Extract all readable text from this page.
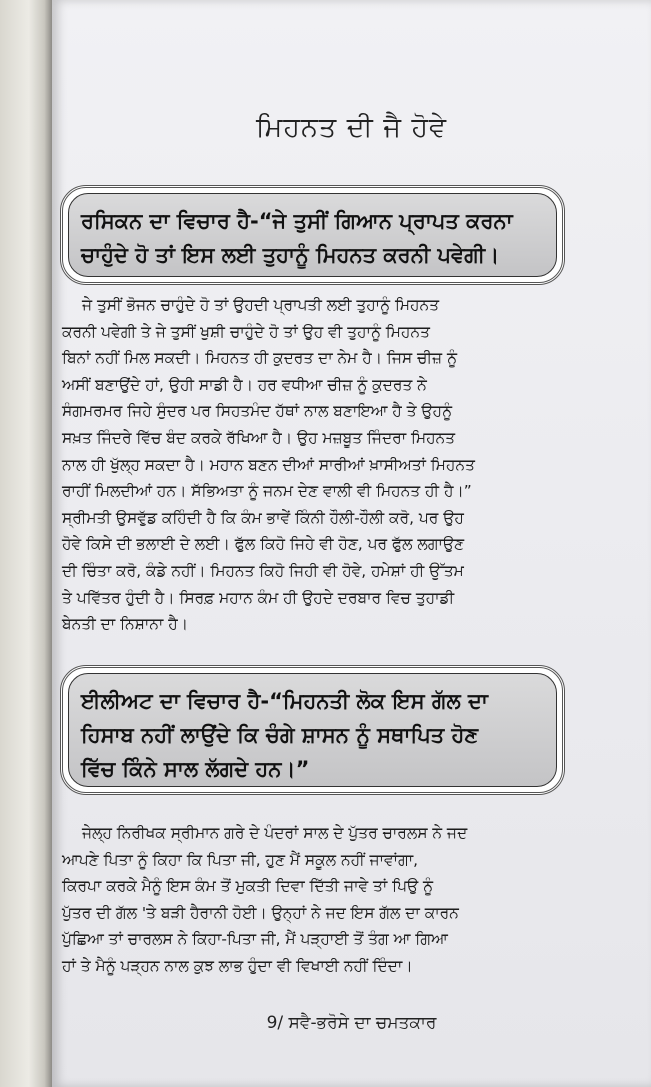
ਮਿਹਨਤ ਦੀ ਜੈ ਹੋਵੇ
ਰਸਿਕਨ ਦਾ ਵਿਚਾਰ ਹੈ-“ਜੇ ਤੁਸੀਂ ਗਿਆਨ ਪ੍ਰਾਪਤ ਕਰਨਾ
ਚਾਹੁੰਦੇ ਹੋ ਤਾਂ ਇਸ ਲਈ ਤੁਹਾਨੂੰ ਮਿਹਨਤ ਕਰਨੀ ਪਵੇਗੀ।
ਜੇ ਤੁਸੀਂ ਭੋਜਨ ਚਾਹੁੰਦੇ ਹੋ ਤਾਂ ਉਹਦੀ ਪ੍ਰਾਪਤੀ ਲਈ ਤੁਹਾਨੂੰ ਮਿਹਨਤ
ਕਰਨੀ ਪਵੇਗੀ ਤੇ ਜੇ ਤੁਸੀਂ ਖੁਸ਼ੀ ਚਾਹੁੰਦੇ ਹੋ ਤਾਂ ਉਹ ਵੀ ਤੁਹਾਨੂੰ ਮਿਹਨਤ
ਬਿਨਾਂ ਨਹੀਂ ਮਿਲ ਸਕਦੀ। ਮਿਹਨਤ ਹੀ ਕੁਦਰਤ ਦਾ ਨੇਮ ਹੈ। ਜਿਸ ਚੀਜ਼ ਨੂੰ
ਅਸੀਂ ਬਣਾਉਂਦੇ ਹਾਂ, ਉਹੀ ਸਾਡੀ ਹੈ। ਹਰ ਵਧੀਆ ਚੀਜ਼ ਨੂੰ ਕੁਦਰਤ ਨੇ
ਸੰਗਮਰਮਰ ਜਿਹੇ ਸੁੰਦਰ ਪਰ ਸਿਹਤਮੰਦ ਹੱਥਾਂ ਨਾਲ ਬਣਾਇਆ ਹੈ ਤੇ ਉਹਨੂੰ
ਸਖ਼ਤ ਜਿੰਦਰੇ ਵਿੱਚ ਬੰਦ ਕਰਕੇ ਰੱਖਿਆ ਹੈ। ਉਹ ਮਜ਼ਬੂਤ ਜਿੰਦਰਾ ਮਿਹਨਤ
ਨਾਲ ਹੀ ਖੁੱਲ੍ਹ ਸਕਦਾ ਹੈ। ਮਹਾਨ ਬਣਨ ਦੀਆਂ ਸਾਰੀਆਂ ਖ਼ਾਸੀਅਤਾਂ ਮਿਹਨਤ
ਰਾਹੀਂ ਮਿਲਦੀਆਂ ਹਨ। ਸੱਭਿਅਤਾ ਨੂੰ ਜਨਮ ਦੇਣ ਵਾਲੀ ਵੀ ਮਿਹਨਤ ਹੀ ਹੈ।”
ਸ੍ਰੀਮਤੀ ਉਸਵੁੱਡ ਕਹਿੰਦੀ ਹੈ ਕਿ ਕੰਮ ਭਾਵੇਂ ਕਿੰਨੀ ਹੌਲੀ-ਹੌਲੀ ਕਰੋ, ਪਰ ਉਹ
ਹੋਵੇ ਕਿਸੇ ਦੀ ਭਲਾਈ ਦੇ ਲਈ। ਫੁੱਲ ਕਿਹੋ ਜਿਹੇ ਵੀ ਹੋਣ, ਪਰ ਫੁੱਲ ਲਗਾਉਣ
ਦੀ ਚਿੰਤਾ ਕਰੋ, ਕੰਡੇ ਨਹੀਂ। ਮਿਹਨਤ ਕਿਹੋ ਜਿਹੀ ਵੀ ਹੋਵੇ, ਹਮੇਸ਼ਾਂ ਹੀ ਉੱਤਮ
ਤੇ ਪਵਿੱਤਰ ਹੁੰਦੀ ਹੈ। ਸਿਰਫ਼ ਮਹਾਨ ਕੰਮ ਹੀ ਉਹਦੇ ਦਰਬਾਰ ਵਿਚ ਤੁਹਾਡੀ
ਬੇਨਤੀ ਦਾ ਨਿਸ਼ਾਨਾ ਹੈ।
ਈਲੀਅਟ ਦਾ ਵਿਚਾਰ ਹੈ-“ਮਿਹਨਤੀ ਲੋਕ ਇਸ ਗੱਲ ਦਾ
ਹਿਸਾਬ ਨਹੀਂ ਲਾਉਂਦੇ ਕਿ ਚੰਗੇ ਸ਼ਾਸਨ ਨੂੰ ਸਥਾਪਿਤ ਹੋਣ
ਵਿੱਚ ਕਿੰਨੇ ਸਾਲ ਲੱਗਦੇ ਹਨ।”
ਜੇਲ੍ਹ ਨਿਰੀਖਕ ਸ੍ਰੀਮਾਨ ਗਰੇ ਦੇ ਪੰਦਰਾਂ ਸਾਲ ਦੇ ਪੁੱਤਰ ਚਾਰਲਸ ਨੇ ਜਦ
ਆਪਣੇ ਪਿਤਾ ਨੂੰ ਕਿਹਾ ਕਿ ਪਿਤਾ ਜੀ, ਹੁਣ ਮੈਂ ਸਕੂਲ ਨਹੀਂ ਜਾਵਾਂਗਾ,
ਕਿਰਪਾ ਕਰਕੇ ਮੈਨੂੰ ਇਸ ਕੰਮ ਤੋਂ ਮੁਕਤੀ ਦਿਵਾ ਦਿੱਤੀ ਜਾਵੇ ਤਾਂ ਪਿਉ ਨੂੰ
ਪੁੱਤਰ ਦੀ ਗੱਲ 'ਤੇ ਬੜੀ ਹੈਰਾਨੀ ਹੋਈ। ਉਨ੍ਹਾਂ ਨੇ ਜਦ ਇਸ ਗੱਲ ਦਾ ਕਾਰਨ
ਪੁੱਛਿਆ ਤਾਂ ਚਾਰਲਸ ਨੇ ਕਿਹਾ-ਪਿਤਾ ਜੀ, ਮੈਂ ਪੜ੍ਹਾਈ ਤੋਂ ਤੰਗ ਆ ਗਿਆ
ਹਾਂ ਤੇ ਮੈਨੂੰ ਪੜ੍ਹਨ ਨਾਲ ਕੁਝ ਲਾਭ ਹੁੰਦਾ ਵੀ ਵਿਖਾਈ ਨਹੀਂ ਦਿੰਦਾ।
9/ ਸਵੈ-ਭਰੋਸੇ ਦਾ ਚਮਤਕਾਰ
